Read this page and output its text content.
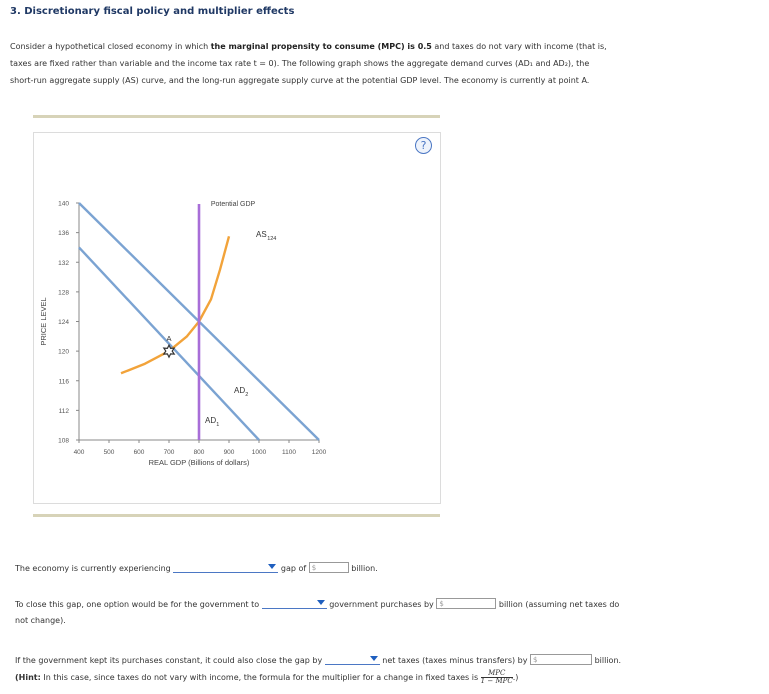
3. Discretionary fiscal policy and multiplier effects
Consider a hypothetical closed economy in which the marginal propensity to consume (MPC) is 0.5 and taxes do not vary with income (that is,
taxes are fixed rather than variable and the income tax rate t = 0). The following graph shows the aggregate demand curves (AD₁ and AD₂), the
short-run aggregate supply (AS) curve, and the long-run aggregate supply curve at the potential GDP level. The economy is currently at point A.
108
112
116
120
124
128
132
136
140
400	500	600	700	800	900	1000 1100 1200
REAL GDP (Billions of dollars)
PRICE LEVEL
Potential GDP
AD 1
AD 2
AS 124
A
?
The economy is currently experiencing	gap of $	billion.
To close this gap, one option would be for the government to	government purchases by $	billion (assuming net taxes do
not change).
If the government kept its purchases constant, it could also close the gap by	net taxes (taxes minus transfers) by $	billion.
(Hint: In this case, since taxes do not vary with income, the formula for the multiplier for a change in fixed taxes is $\frac{\text{MPC}}{\text{1 − MPC}}$ .)
